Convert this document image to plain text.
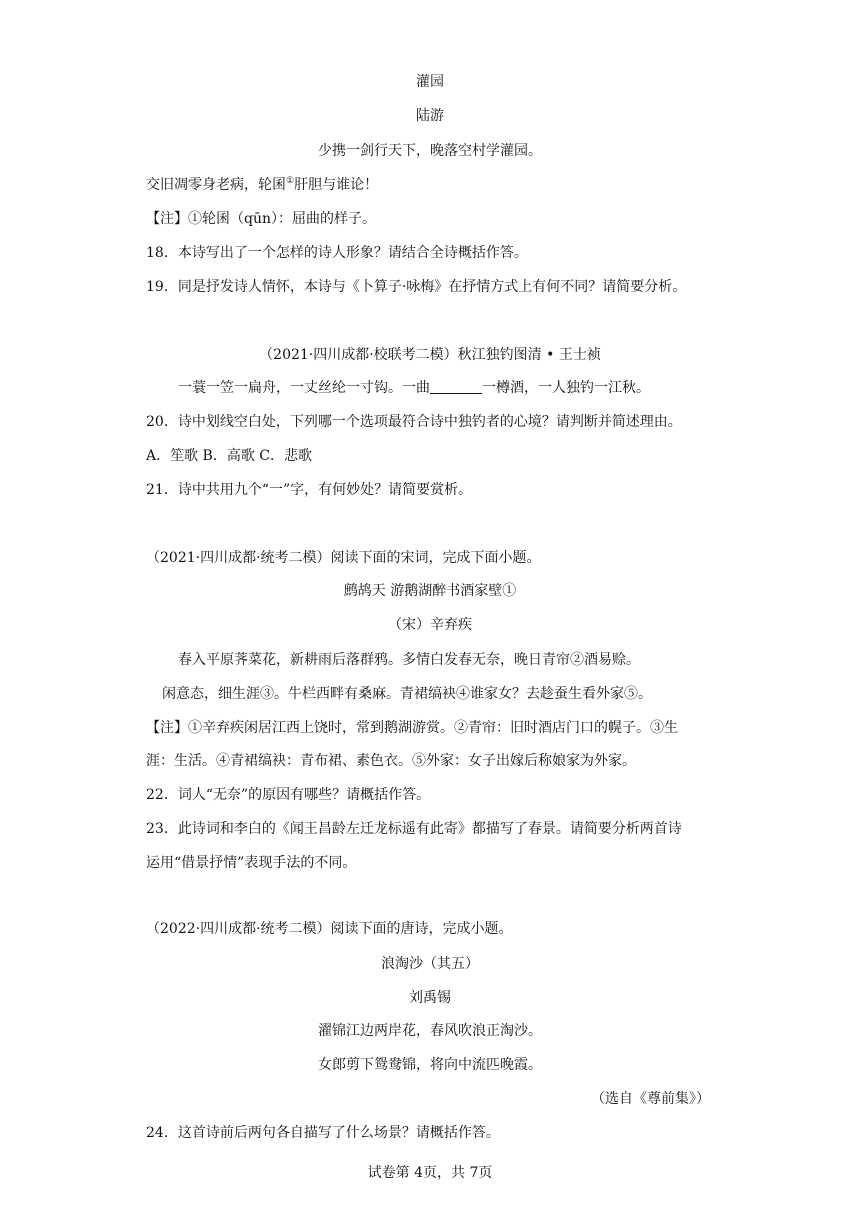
灌园
陆游
少携一剑行天下，晚落空村学灌园。
交旧凋零身老病，轮囷①肝胆与谁论！
【注】①轮囷（qūn）：屈曲的样子。
18．本诗写出了一个怎样的诗人形象？请结合全诗概括作答。
19．同是抒发诗人情怀，本诗与《卜算子·咏梅》在抒情方式上有何不同？请简要分析。
（2021·四川成都·校联考二模）秋江独钓图清 • 王士祯
一蓑一笠一扁舟，一丈丝纶一寸钩。一曲	一樽酒，一人独钓一江秋。
20．诗中划线空白处，下列哪一个选项最符合诗中独钓者的心境？请判断并简述理由。
A．笙歌 B．高歌 C．悲歌
21．诗中共用九个“一”字，有何妙处？请简要赏析。
（2021·四川成都·统考二模）阅读下面的宋词，完成下面小题。
鹧鸪天 游鹅湖醉书酒家壁①
（宋）辛弃疾
春入平原荠菜花，新耕雨后落群鸦。多情白发春无奈，晚日青帘②酒易赊。
闲意态，细生涯③。牛栏西畔有桑麻。青裙缟袂④谁家女？去趁蚕生看外家⑤。
【注】①辛弃疾闲居江西上饶时，常到鹅湖游赏。②青帘：旧时酒店门口的幌子。③生
涯：生活。④青裙缟袂：青布裙、素色衣。⑤外家：女子出嫁后称娘家为外家。
22．词人“无奈”的原因有哪些？请概括作答。
23．此诗词和李白的《闻王昌龄左迁龙标遥有此寄》都描写了春景。请简要分析两首诗
运用“借景抒情”表现手法的不同。
（2022·四川成都·统考二模）阅读下面的唐诗，完成小题。
浪淘沙（其五）
刘禹锡
濯锦江边两岸花，春风吹浪正淘沙。
女郎剪下鸳鸯锦，将向中流匹晚霞。
（选自《尊前集》）
24．这首诗前后两句各自描写了什么场景？请概括作答。
试卷第 4页，共 7页
